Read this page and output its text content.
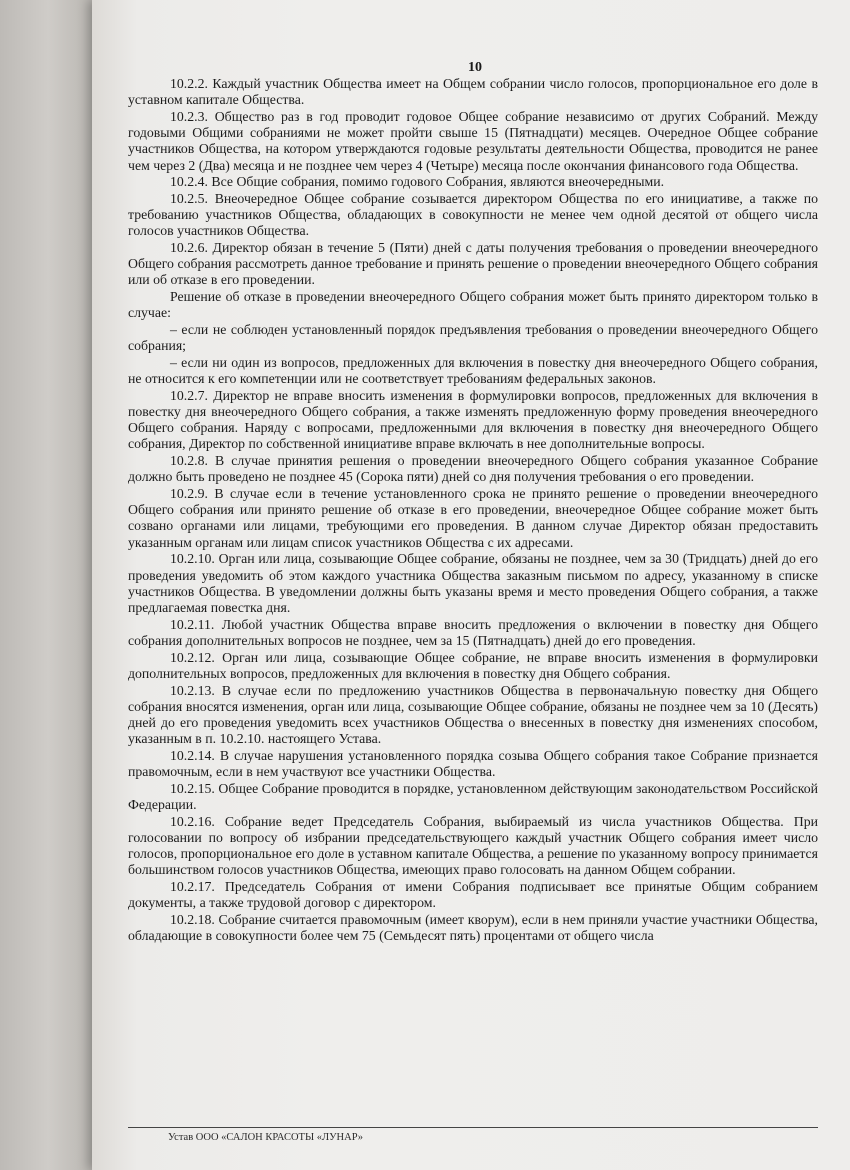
10

10.2.2. Каждый участник Общества имеет на Общем собрании число голосов, пропорциональное его доле в уставном капитале Общества.

10.2.3. Общество раз в год проводит годовое Общее собрание независимо от других Собраний. Между годовыми Общими собраниями не может пройти свыше 15 (Пятнадцати) месяцев. Очередное Общее собрание участников Общества, на котором утверждаются годовые результаты деятельности Общества, проводится не ранее чем через 2 (Два) месяца и не позднее чем через 4 (Четыре) месяца после окончания финансового года Общества.

10.2.4. Все Общие собрания, помимо годового Собрания, являются внеочередными.

10.2.5. Внеочередное Общее собрание созывается директором Общества по его инициативе, а также по требованию участников Общества, обладающих в совокупности не менее чем одной десятой от общего числа голосов участников Общества.

10.2.6. Директор обязан в течение 5 (Пяти) дней с даты получения требования о проведении внеочередного Общего собрания рассмотреть данное требование и принять решение о проведении внеочередного Общего собрания или об отказе в его проведении.

Решение об отказе в проведении внеочередного Общего собрания может быть принято директором только в случае:

– если не соблюден установленный порядок предъявления требования о проведении внеочередного Общего собрания;

– если ни один из вопросов, предложенных для включения в повестку дня внеочередного Общего собрания, не относится к его компетенции или не соответствует требованиям федеральных законов.

10.2.7. Директор не вправе вносить изменения в формулировки вопросов, предложенных для включения в повестку дня внеочередного Общего собрания, а также изменять предложенную форму проведения внеочередного Общего собрания. Наряду с вопросами, предложенными для включения в повестку дня внеочередного Общего собрания, Директор по собственной инициативе вправе включать в нее дополнительные вопросы.

10.2.8. В случае принятия решения о проведении внеочередного Общего собрания указанное Собрание должно быть проведено не позднее 45 (Сорока пяти) дней со дня получения требования о его проведении.

10.2.9. В случае если в течение установленного срока не принято решение о проведении внеочередного Общего собрания или принято решение об отказе в его проведении, внеочередное Общее собрание может быть созвано органами или лицами, требующими его проведения. В данном случае Директор обязан предоставить указанным органам или лицам список участников Общества с их адресами.

10.2.10. Орган или лица, созывающие Общее собрание, обязаны не позднее, чем за 30 (Тридцать) дней до его проведения уведомить об этом каждого участника Общества заказным письмом по адресу, указанному в списке участников Общества. В уведомлении должны быть указаны время и место проведения Общего собрания, а также предлагаемая повестка дня.

10.2.11. Любой участник Общества вправе вносить предложения о включении в повестку дня Общего собрания дополнительных вопросов не позднее, чем за 15 (Пятнадцать) дней до его проведения.

10.2.12. Орган или лица, созывающие Общее собрание, не вправе вносить изменения в формулировки дополнительных вопросов, предложенных для включения в повестку дня Общего собрания.

10.2.13. В случае если по предложению участников Общества в первоначальную повестку дня Общего собрания вносятся изменения, орган или лица, созывающие Общее собрание, обязаны не позднее чем за 10 (Десять) дней до его проведения уведомить всех участников Общества о внесенных в повестку дня изменениях способом, указанным в п. 10.2.10. настоящего Устава.

10.2.14. В случае нарушения установленного порядка созыва Общего собрания такое Собрание признается правомочным, если в нем участвуют все участники Общества.

10.2.15. Общее Собрание проводится в порядке, установленном действующим законодательством Российской Федерации.

10.2.16. Собрание ведет Председатель Собрания, выбираемый из числа участников Общества. При голосовании по вопросу об избрании председательствующего каждый участник Общего собрания имеет число голосов, пропорциональное его доле в уставном капитале Общества, а решение по указанному вопросу принимается большинством голосов участников Общества, имеющих право голосовать на данном Общем собрании.

10.2.17. Председатель Собрания от имени Собрания подписывает все принятые Общим собранием документы, а также трудовой договор с директором.

10.2.18. Собрание считается правомочным (имеет кворум), если в нем приняли участие участники Общества, обладающие в совокупности более чем 75 (Семьдесят пять) процентами от общего числа

Устав ООО «САЛОН КРАСОТЫ «ЛУНАР»
